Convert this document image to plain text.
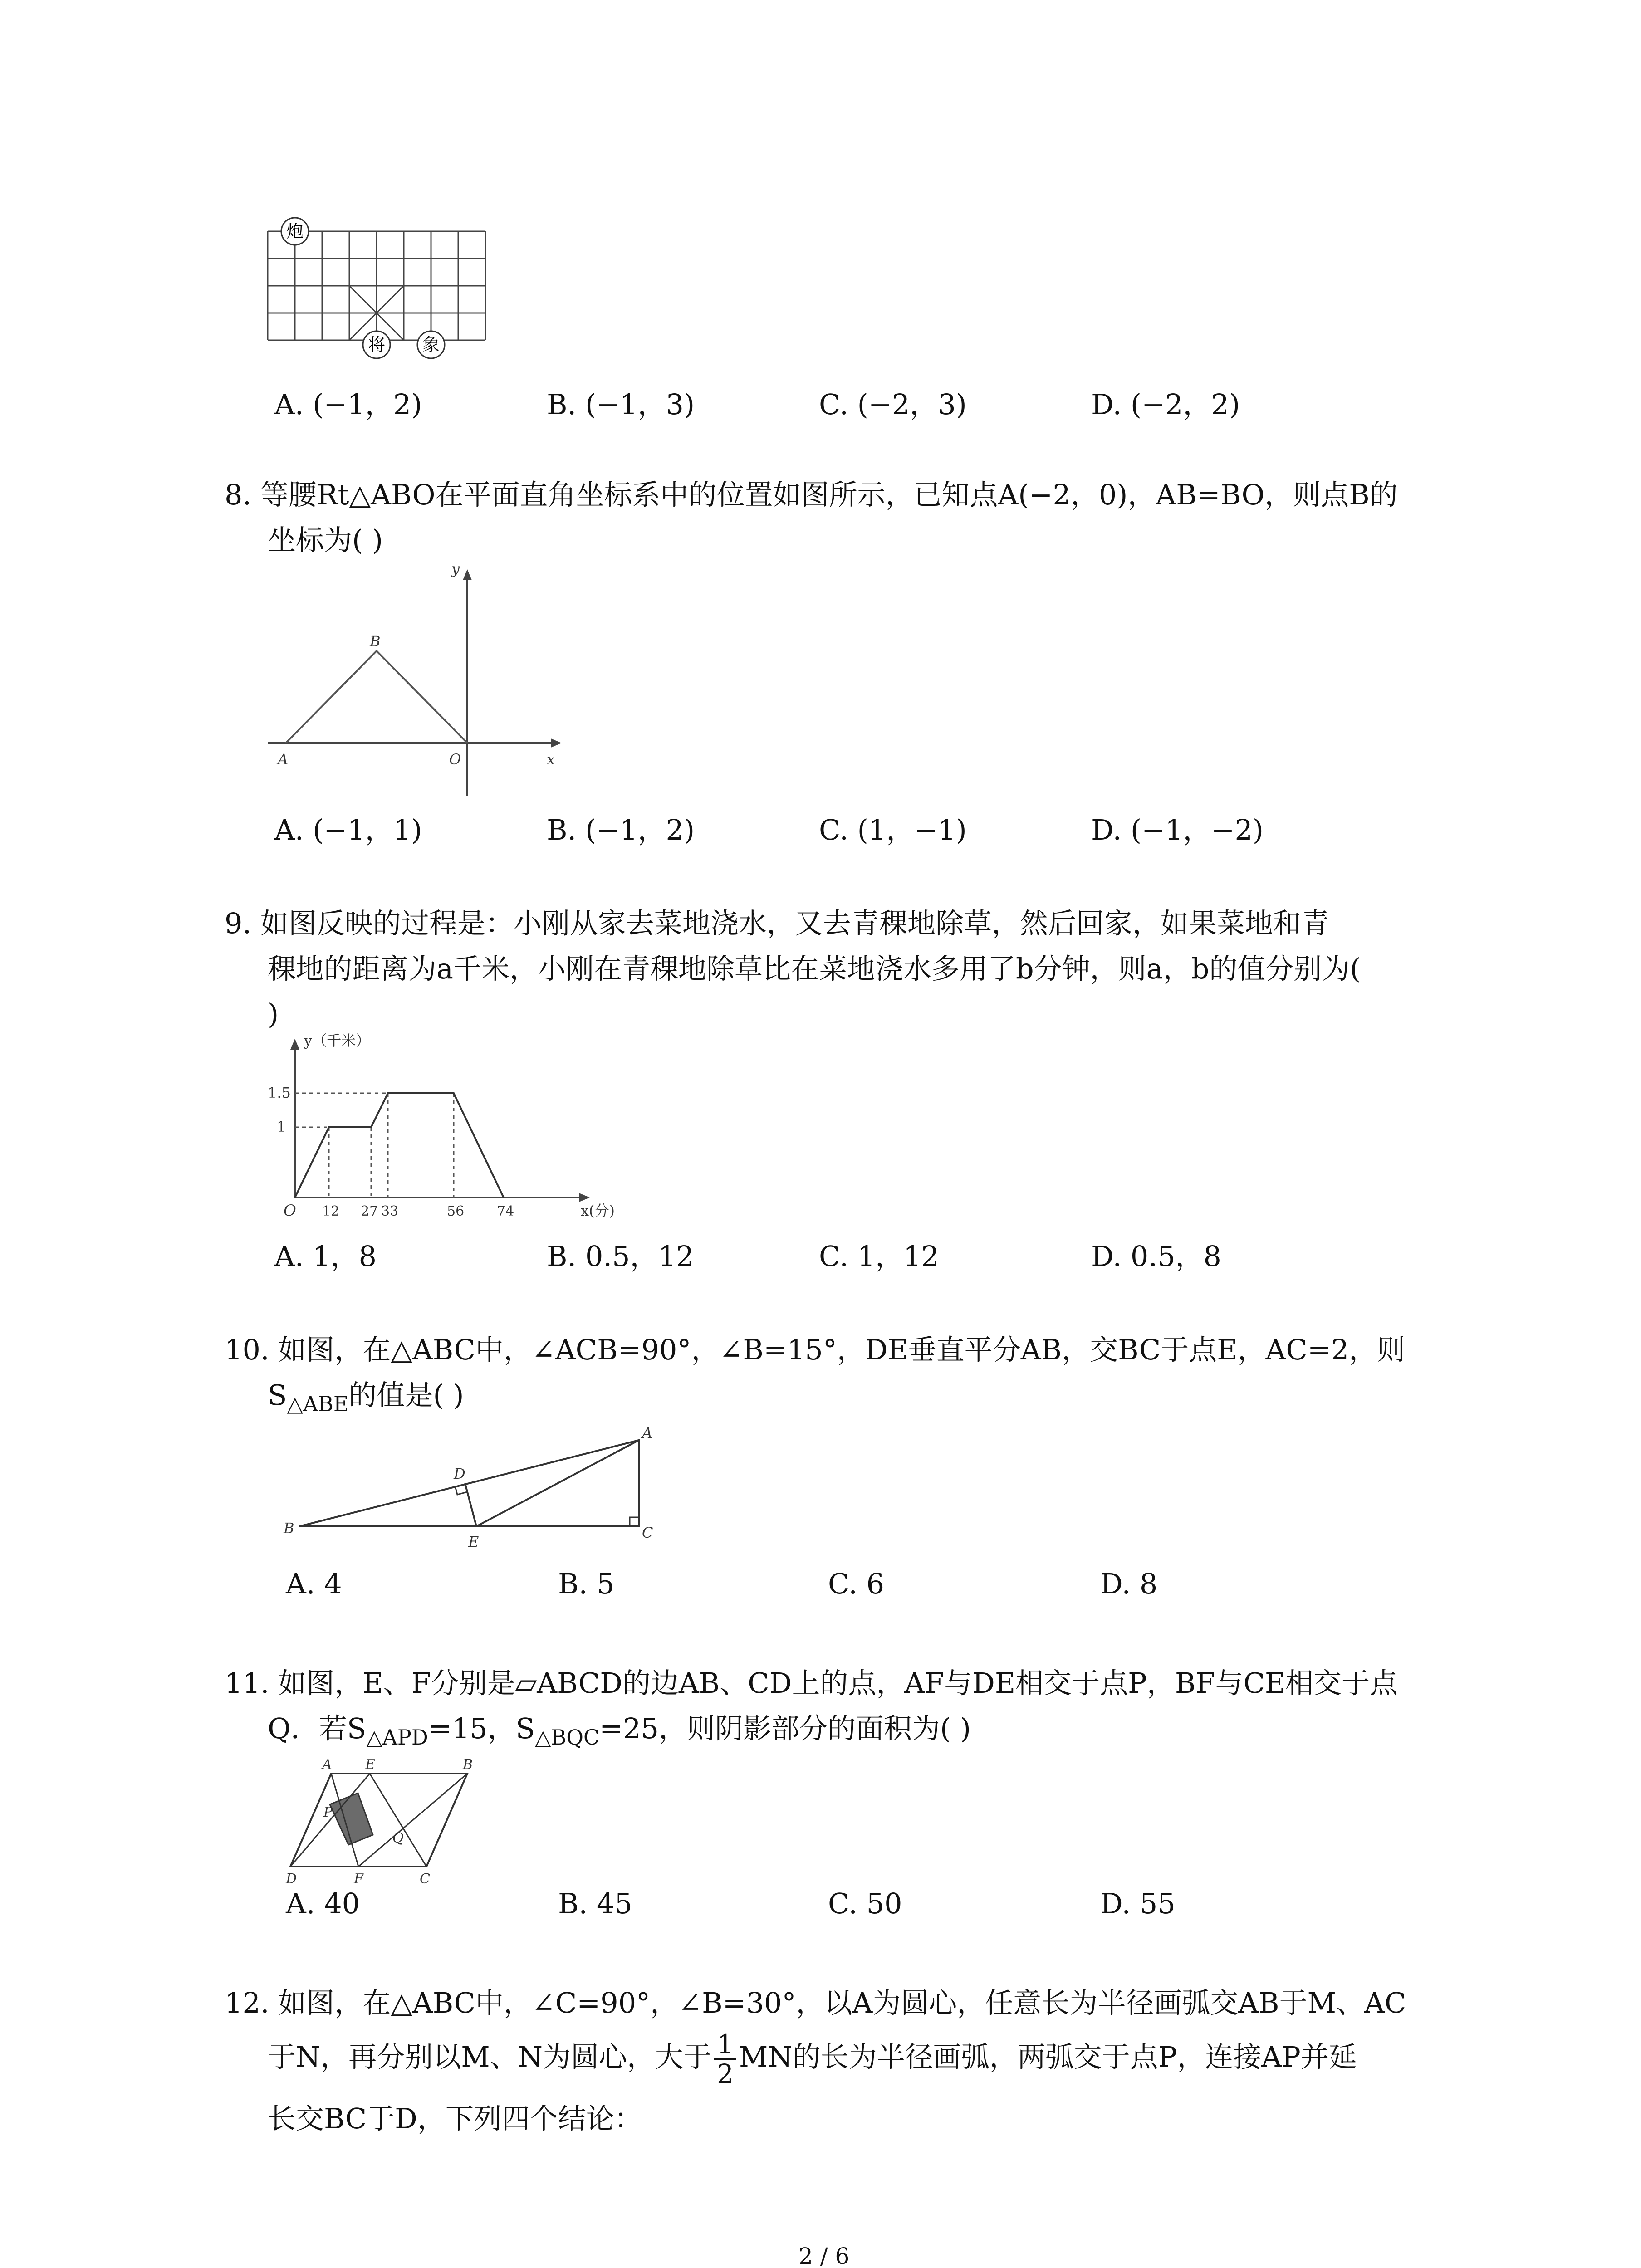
炮
将 象
A. (−1，2)	B. (−1，3)	C. (−2，3)	D. (−2，2)
8. 等腰Rt△ABO在平面直角坐标系中的位置如图所示，已知点A(−2，0)，AB=BO，则点B的
坐标为( )
y
x
A
B
O
A. (−1，1)	B. (−1，2)	C. (1，−1)	D. (−1，−2)
9. 如图反映的过程是：小刚从家去菜地浇水，又去青稞地除草，然后回家，如果菜地和青
稞地的距离为a千米，小刚在青稞地除草比在菜地浇水多用了b分钟，则a，b的值分别为(
)
y（千米）
x(分)
1.5
1
O 12 27 33	56 74
A. 1，8	B. 0.5，12	C. 1，12	D. 0.5，8
10. 如图，在△ABC中，∠ACB=90°，∠B=15°，DE垂直平分AB，交BC于点E，AC=2，则
$S_{\triangle ABE}$的值是( )
B
A
C
D
E
A. 4	B. 5	C. 6	D. 8
11. 如图，E、F分别是▱ABCD的边AB、CD上的点，AF与DE相交于点P，BF与CE相交于点
Q．若$S_{\triangle APD}=15$，$S_{\triangle BQC}=25$，则阴影部分的面积为( )
A E	B
P
Q
D	F	C
A. 40	B. 45	C. 50	D. 55
12. 如图，在△ABC中，∠C=90°，∠B=30°，以A为圆心，任意长为半径画弧交AB于M、AC
于N，再分别以M、N为圆心，大于 $\frac{1}{2}$ MN的长为半径画弧，两弧交于点P，连接AP并延
长交BC于D，下列四个结论：
2 / 6
